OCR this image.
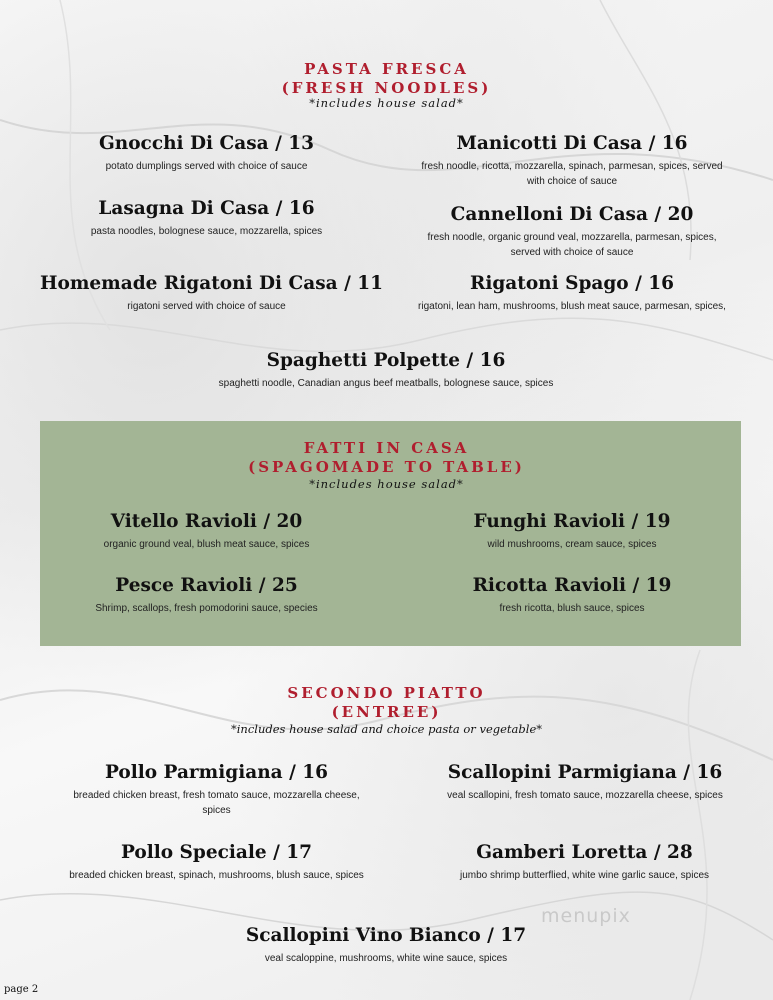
PASTA FRESCA
(FRESH NOODLES)
*includes house salad*
Gnocchi Di Casa / 13
potato dumplings served with choice of sauce
Manicotti Di Casa / 16
fresh noodle, ricotta, mozzarella, spinach, parmesan, spices, served with choice of sauce
Lasagna Di Casa / 16
pasta noodles, bolognese sauce, mozzarella, spices
Cannelloni Di Casa / 20
fresh noodle, organic ground veal, mozzarella, parmesan, spices, served with choice of sauce
Homemade Rigatoni Di Casa / 11
rigatoni served with choice of sauce
Rigatoni Spago / 16
rigatoni, lean ham, mushrooms, blush meat sauce, parmesan, spices,
Spaghetti Polpette / 16
spaghetti noodle, Canadian angus beef meatballs, bolognese sauce, spices
FATTI IN CASA
(SPAGOMADE TO TABLE)
*includes house salad*
Vitello Ravioli / 20
organic ground veal, blush meat sauce, spices
Funghi Ravioli / 19
wild mushrooms, cream sauce, spices
Pesce Ravioli / 25
Shrimp, scallops, fresh pomodorini sauce, species
Ricotta Ravioli / 19
fresh ricotta, blush sauce, spices
SECONDO PIATTO
(ENTREE)
*includes house salad and choice pasta or vegetable*
Pollo Parmigiana / 16
breaded chicken breast, fresh tomato sauce, mozzarella cheese, spices
Scallopini Parmigiana / 16
veal scallopini, fresh tomato sauce, mozzarella cheese, spices
Pollo Speciale / 17
breaded chicken breast, spinach, mushrooms, blush sauce, spices
Gamberi Loretta / 28
jumbo shrimp butterflied, white wine garlic sauce, spices
Scallopini Vino Bianco / 17
veal scaloppine, mushrooms, white wine sauce, spices
menupix
page 2
